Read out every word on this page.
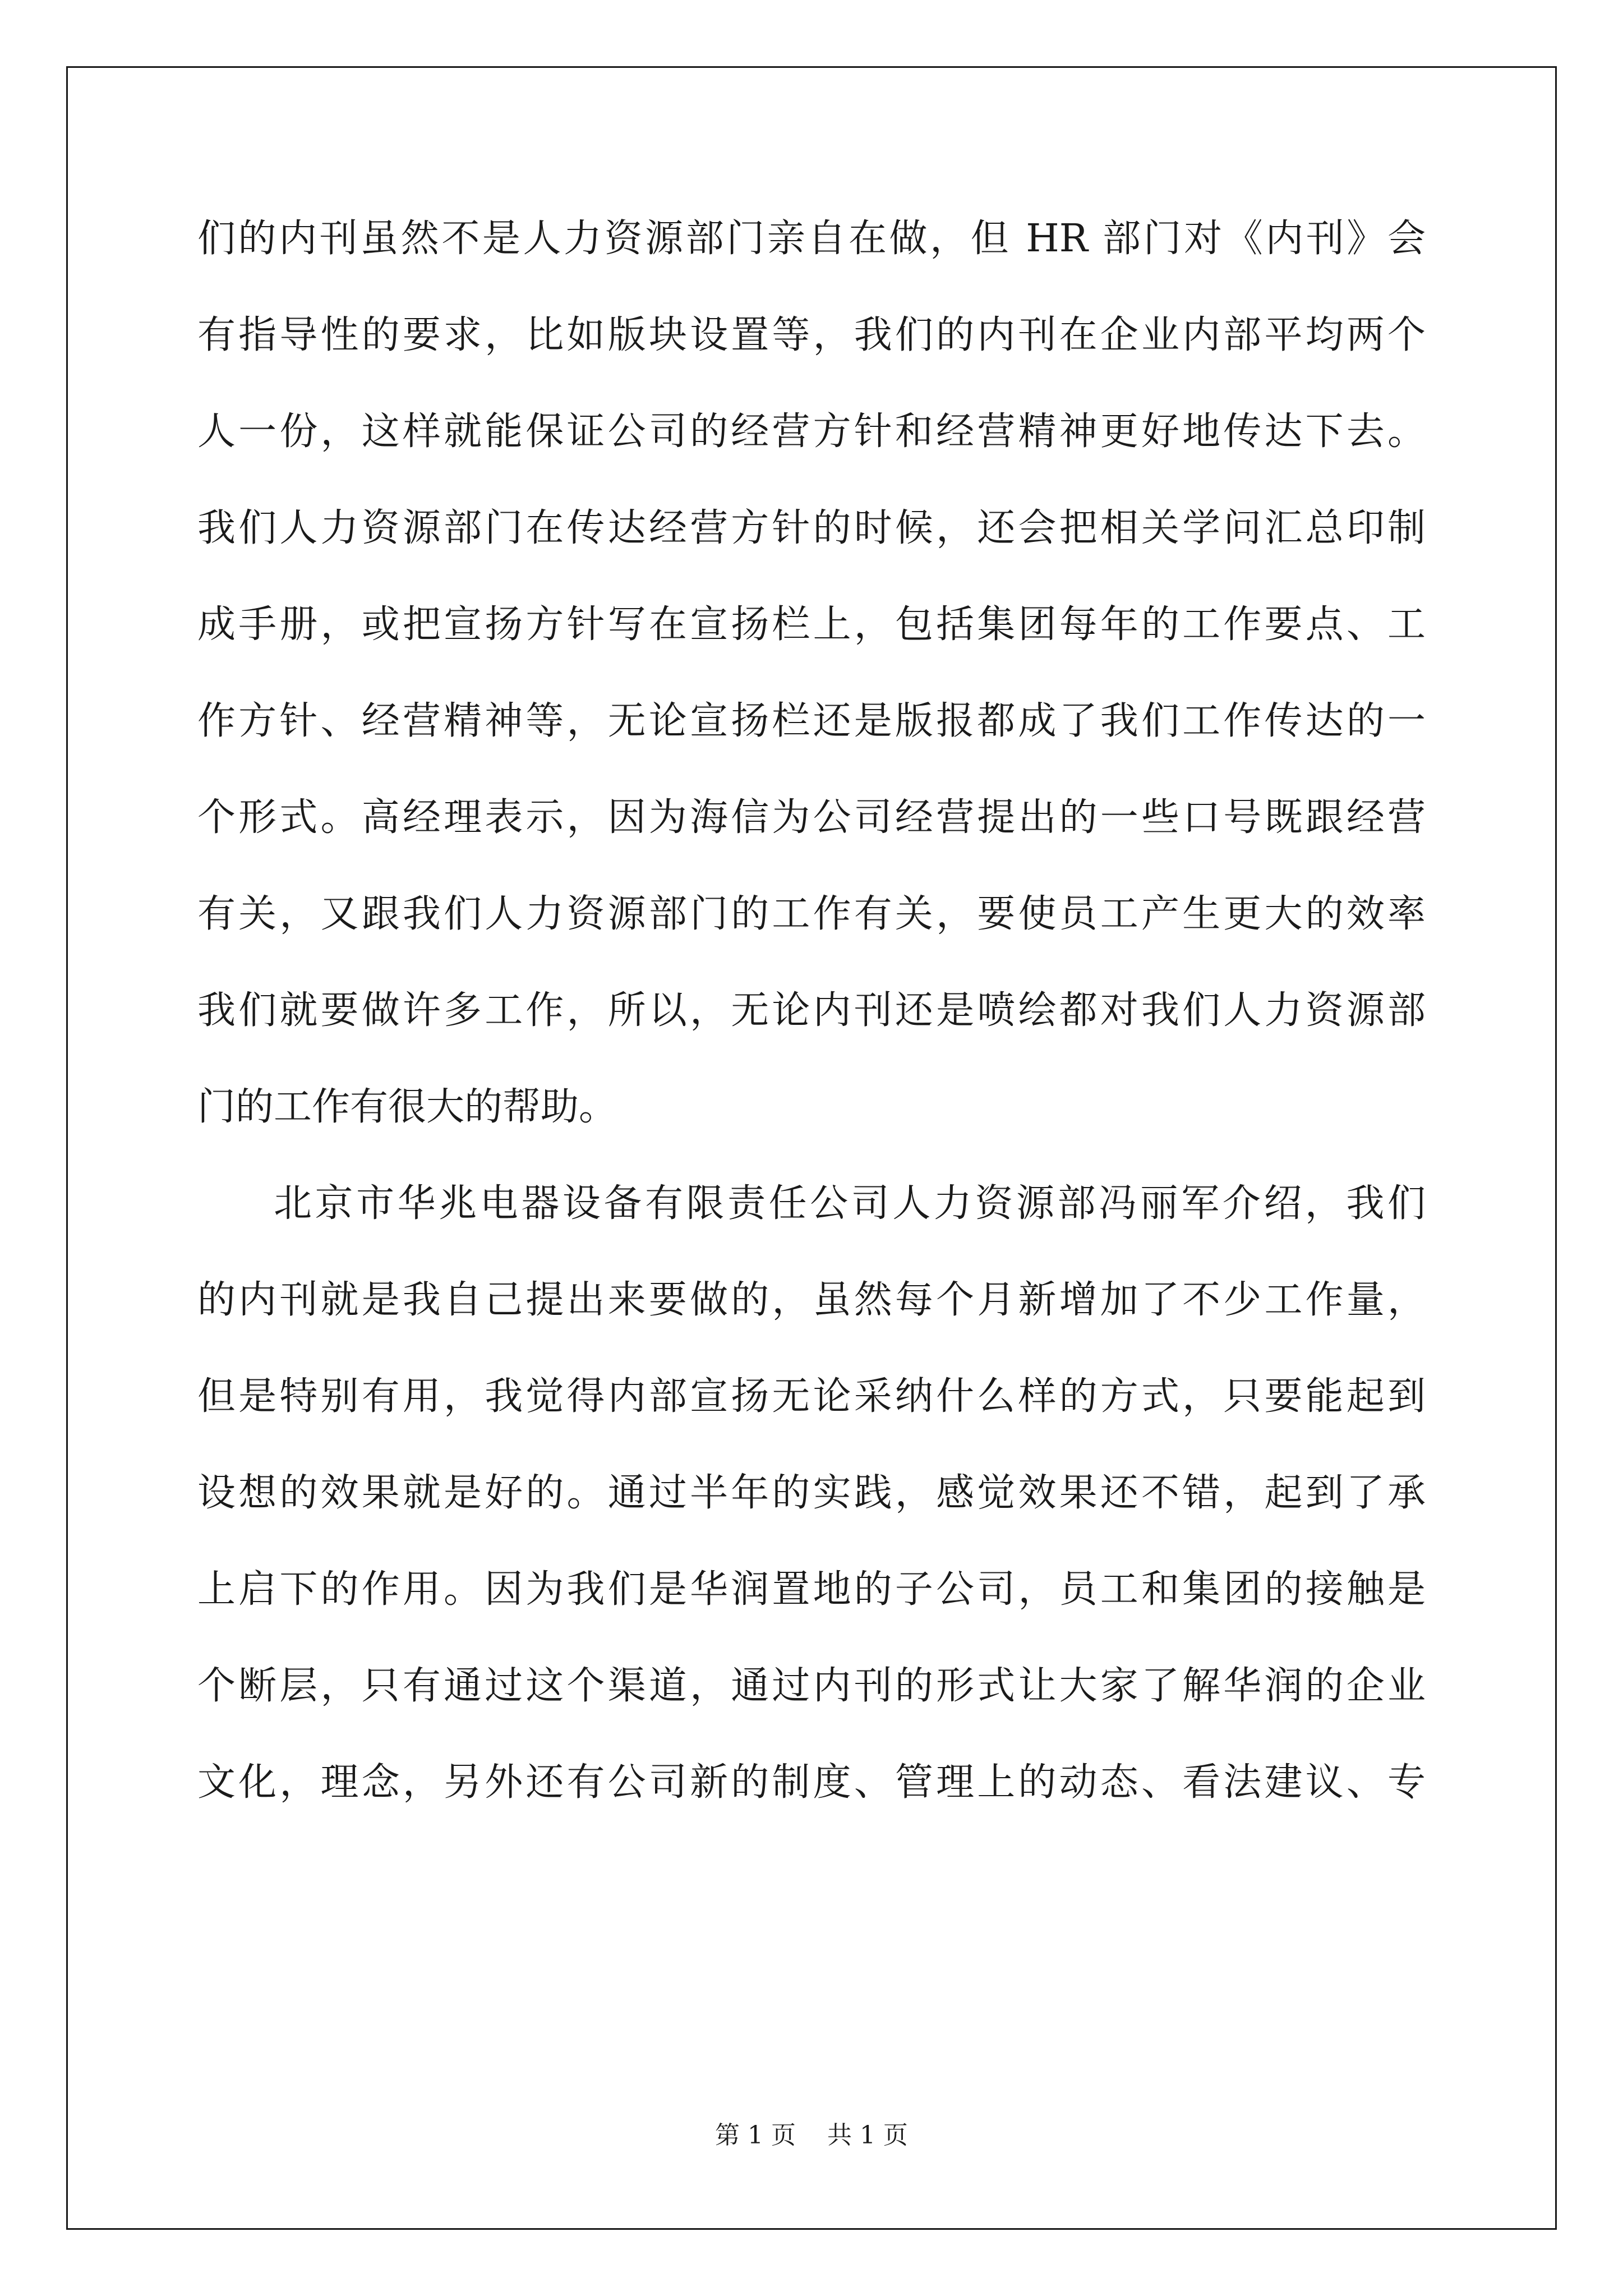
们的内刊虽然不是人力资源部门亲自在做，但 HR 部门对《内刊》会
有指导性的要求，比如版块设置等，我们的内刊在企业内部平均两个
人一份，这样就能保证公司的经营方针和经营精神更好地传达下去。
我们人力资源部门在传达经营方针的时候，还会把相关学问汇总印制
成手册，或把宣扬方针写在宣扬栏上，包括集团每年的工作要点、工
作方针、经营精神等，无论宣扬栏还是版报都成了我们工作传达的一
个形式。高经理表示，因为海信为公司经营提出的一些口号既跟经营
有关，又跟我们人力资源部门的工作有关，要使员工产生更大的效率
我们就要做许多工作，所以，无论内刊还是喷绘都对我们人力资源部
门的工作有很大的帮助。
北京市华兆电器设备有限责任公司人力资源部冯丽军介绍，我们
的内刊就是我自己提出来要做的，虽然每个月新增加了不少工作量，
但是特别有用，我觉得内部宣扬无论采纳什么样的方式，只要能起到
设想的效果就是好的。通过半年的实践，感觉效果还不错，起到了承
上启下的作用。因为我们是华润置地的子公司，员工和集团的接触是
个断层，只有通过这个渠道，通过内刊的形式让大家了解华润的企业
文化，理念，另外还有公司新的制度、管理上的动态、看法建议、专
第 1 页    共 1 页
